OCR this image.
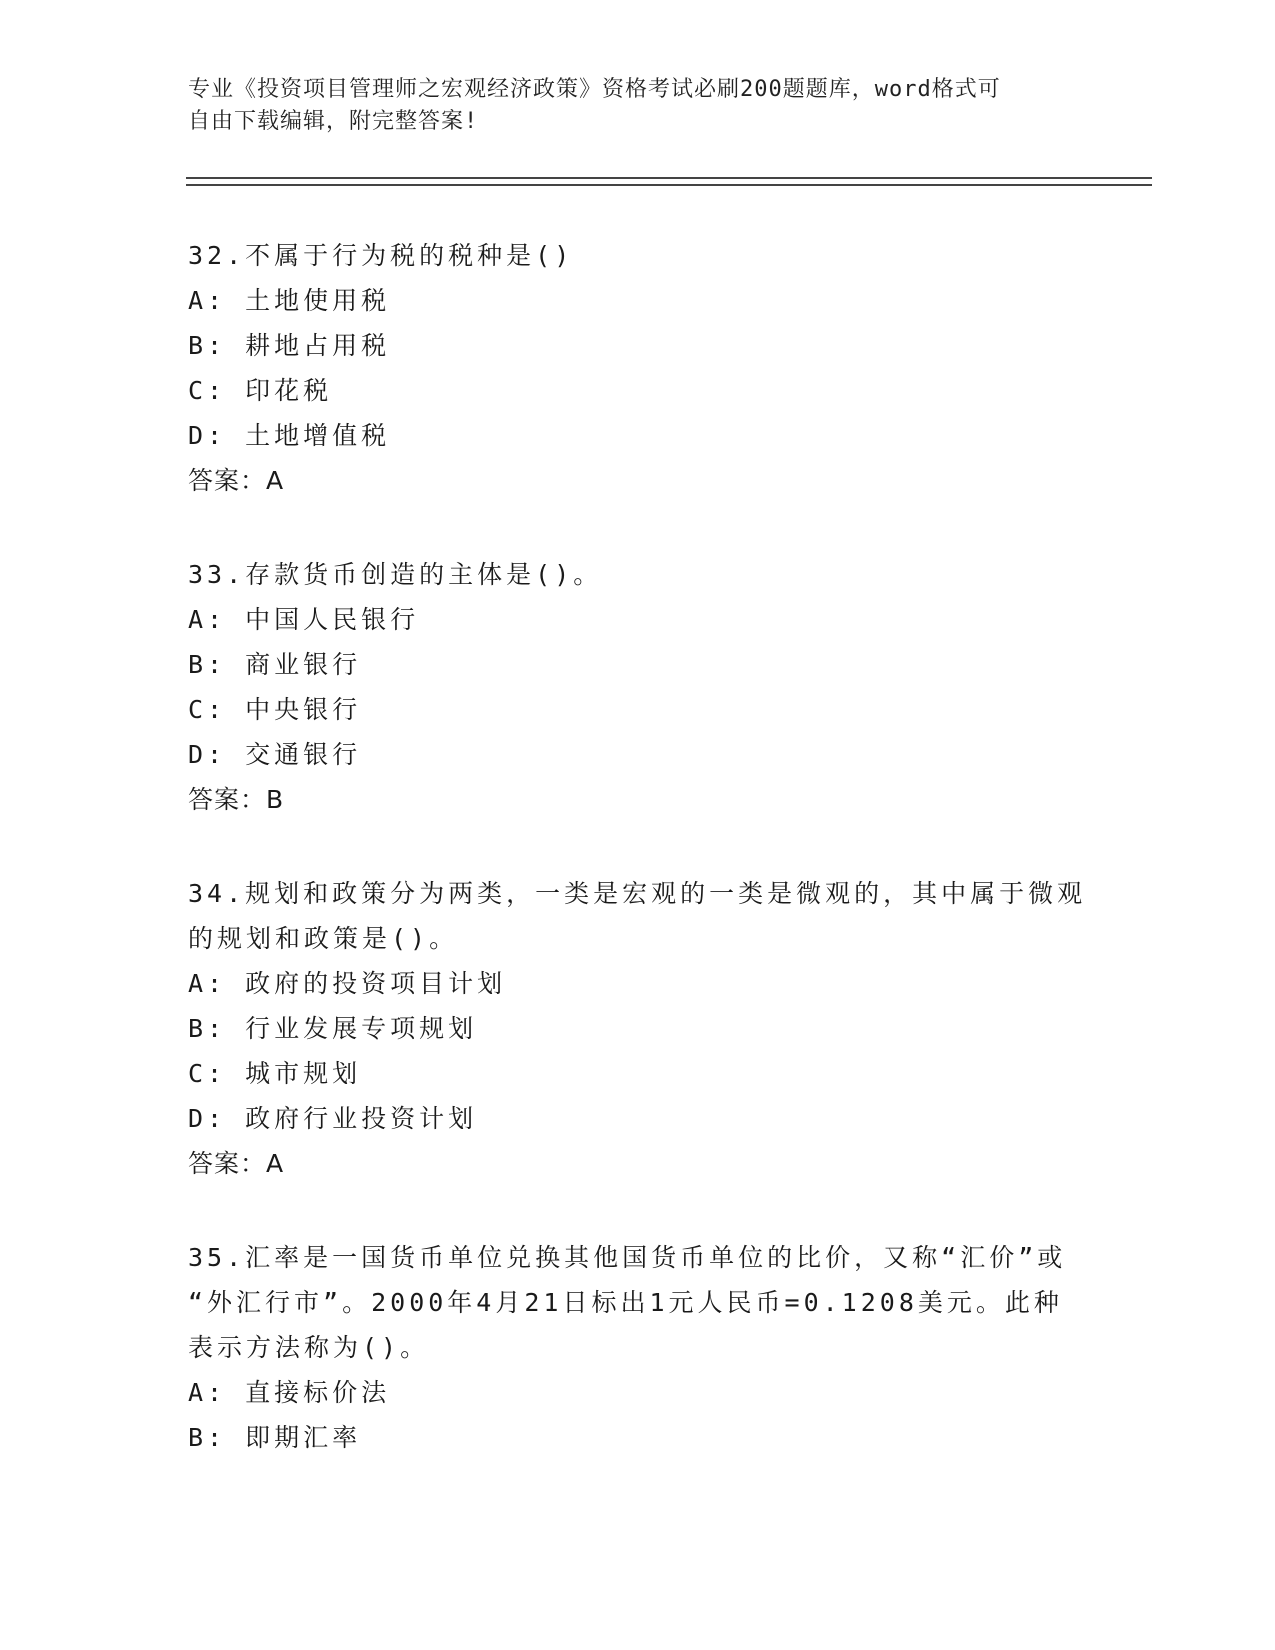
专业《投资项目管理师之宏观经济政策》资格考试必刷200题题库，word格式可
自由下载编辑，附完整答案!
32.不属于行为税的税种是()
A: 土地使用税
B: 耕地占用税
C: 印花税
D: 土地增值税
答案：A
33.存款货币创造的主体是()。
A: 中国人民银行
B: 商业银行
C: 中央银行
D: 交通银行
答案：B
34.规划和政策分为两类，一类是宏观的一类是微观的，其中属于微观
的规划和政策是()。
A: 政府的投资项目计划
B: 行业发展专项规划
C: 城市规划
D: 政府行业投资计划
答案：A
35.汇率是一国货币单位兑换其他国货币单位的比价，又称“汇价”或
“外汇行市”。2000年4月21日标出1元人民币=0.1208美元。此种
表示方法称为()。
A: 直接标价法
B: 即期汇率
